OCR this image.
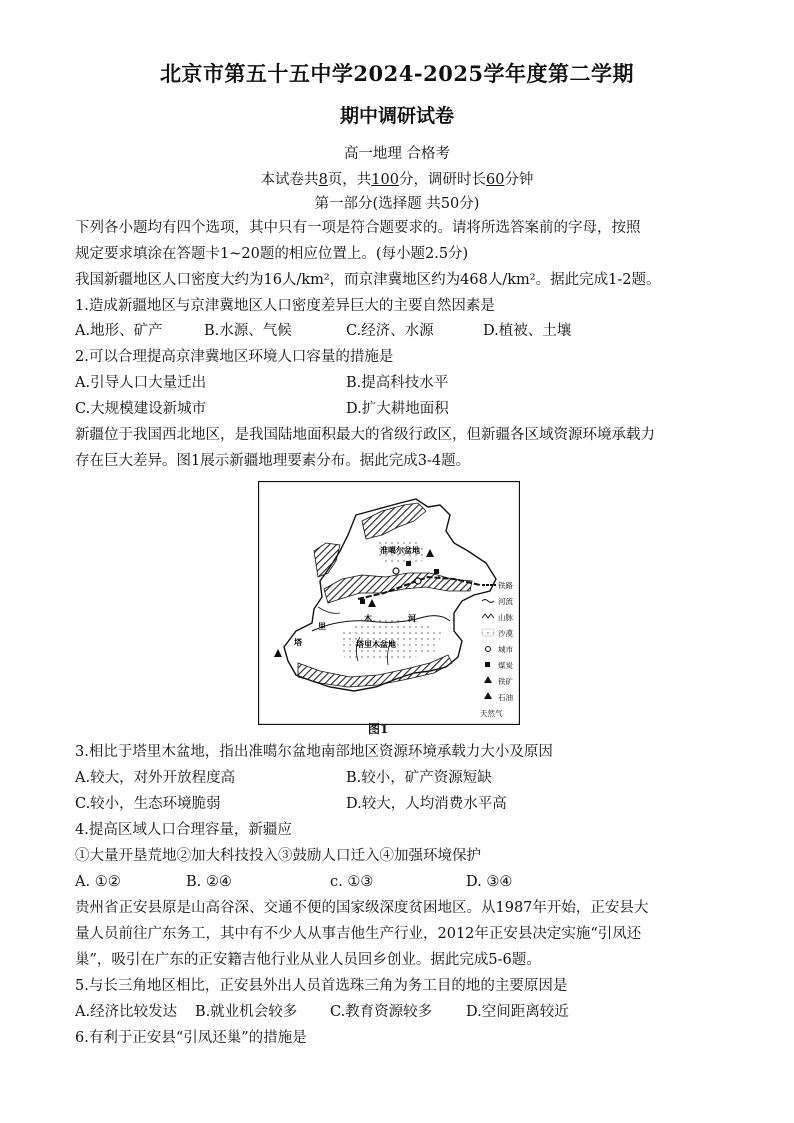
北京市第五十五中学2024-2025学年度第二学期
期中调研试卷
高一地理 合格考
本试卷共8页，共100分，调研时长60分钟
第一部分(选择题 共50分)
下列各小题均有四个选项，其中只有一项是符合题要求的。请将所选答案前的字母，按照
规定要求填涂在答题卡1~20题的相应位置上。(每小题2.5分)
我国新疆地区人口密度大约为16人/km²，而京津冀地区约为468人/km²。据此完成1-2题。
1.造成新疆地区与京津冀地区人口密度差异巨大的主要自然因素是
A.地形、矿产	B.水源、气候	C.经济、水源	D.植被、土壤
2.可以合理提高京津冀地区环境人口容量的措施是
A.引导人口大量迁出	B.提高科技水平
C.大规模建设新城市	D.扩大耕地面积
新疆位于我国西北地区，是我国陆地面积最大的省级行政区，但新疆各区域资源环境承载力
存在巨大差异。图1展示新疆地理要素分布。据此完成3-4题。
准噶尔盆地
塔里木盆地
木	河
里
塔
铁路
河流
山脉
沙漠
城市
煤炭
铁矿
石油
天然气
图1
3.相比于塔里木盆地，指出准噶尔盆地南部地区资源环境承载力大小及原因
A.较大，对外开放程度高	B.较小，矿产资源短缺
C.较小，生态环境脆弱	D.较大，人均消费水平高
4.提高区域人口合理容量，新疆应
①大量开垦荒地②加大科技投入③鼓励人口迁入④加强环境保护
A. ①②	B. ②④	c. ①③	D. ③④
贵州省正安县原是山高谷深、交通不便的国家级深度贫困地区。从1987年开始，正安县大
量人员前往广东务工，其中有不少人从事吉他生产行业，2012年正安县决定实施“引凤还
巢”，吸引在广东的正安籍吉他行业从业人员回乡创业。据此完成5-6题。
5.与长三角地区相比，正安县外出人员首选珠三角为务工目的地的主要原因是
A.经济比较发达 B.就业机会较多 C.教育资源较多 D.空间距离较近
6.有利于正安县“引凤还巢”的措施是
